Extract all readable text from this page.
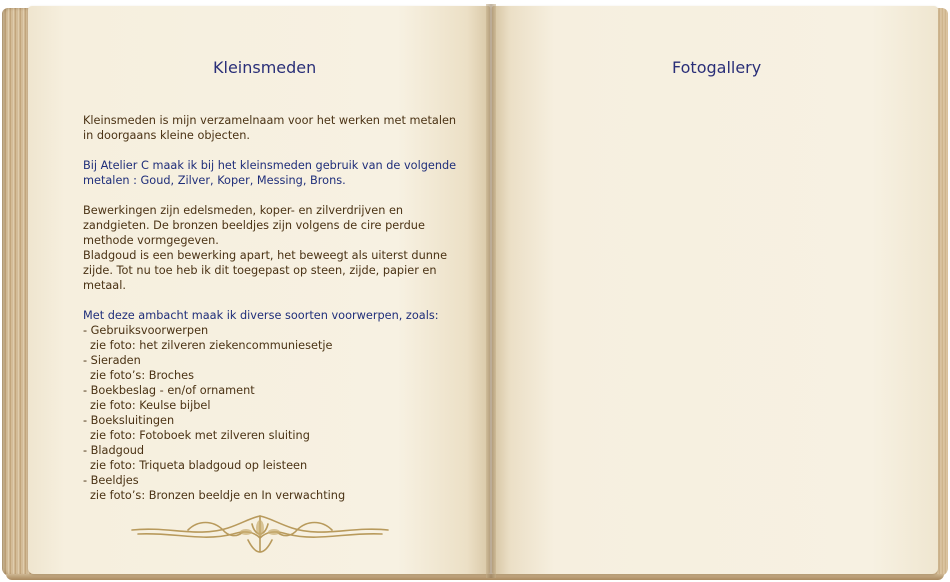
Kleinsmeden	Fotogallery

Kleinsmeden is mijn verzamelnaam voor het werken met metalen in doorgaans kleine objecten.

Bij Atelier C maak ik bij het kleinsmeden gebruik van de volgende metalen : Goud, Zilver, Koper, Messing, Brons.

Bewerkingen zijn edelsmeden, koper- en zilverdrijven en zandgieten. De bronzen beeldjes zijn volgens de cire perdue methode vormgegeven.

Bladgoud is een bewerking apart, het beweegt als uiterst dunne zijde. Tot nu toe heb ik dit toegepast op steen, zijde, papier en metaal.

Met deze ambacht maak ik diverse soorten voorwerpen, zoals:
- Gebruiksvoorwerpen
zie foto: het zilveren ziekencommuniesetje
- Sieraden
zie foto’s: Broches
- Boekbeslag - en/of ornament
zie foto: Keulse bijbel
- Boeksluitingen
zie foto: Fotoboek met zilveren sluiting
- Bladgoud
zie foto: Triqueta bladgoud op leisteen
- Beeldjes
zie foto’s: Bronzen beeldje en In verwachting
